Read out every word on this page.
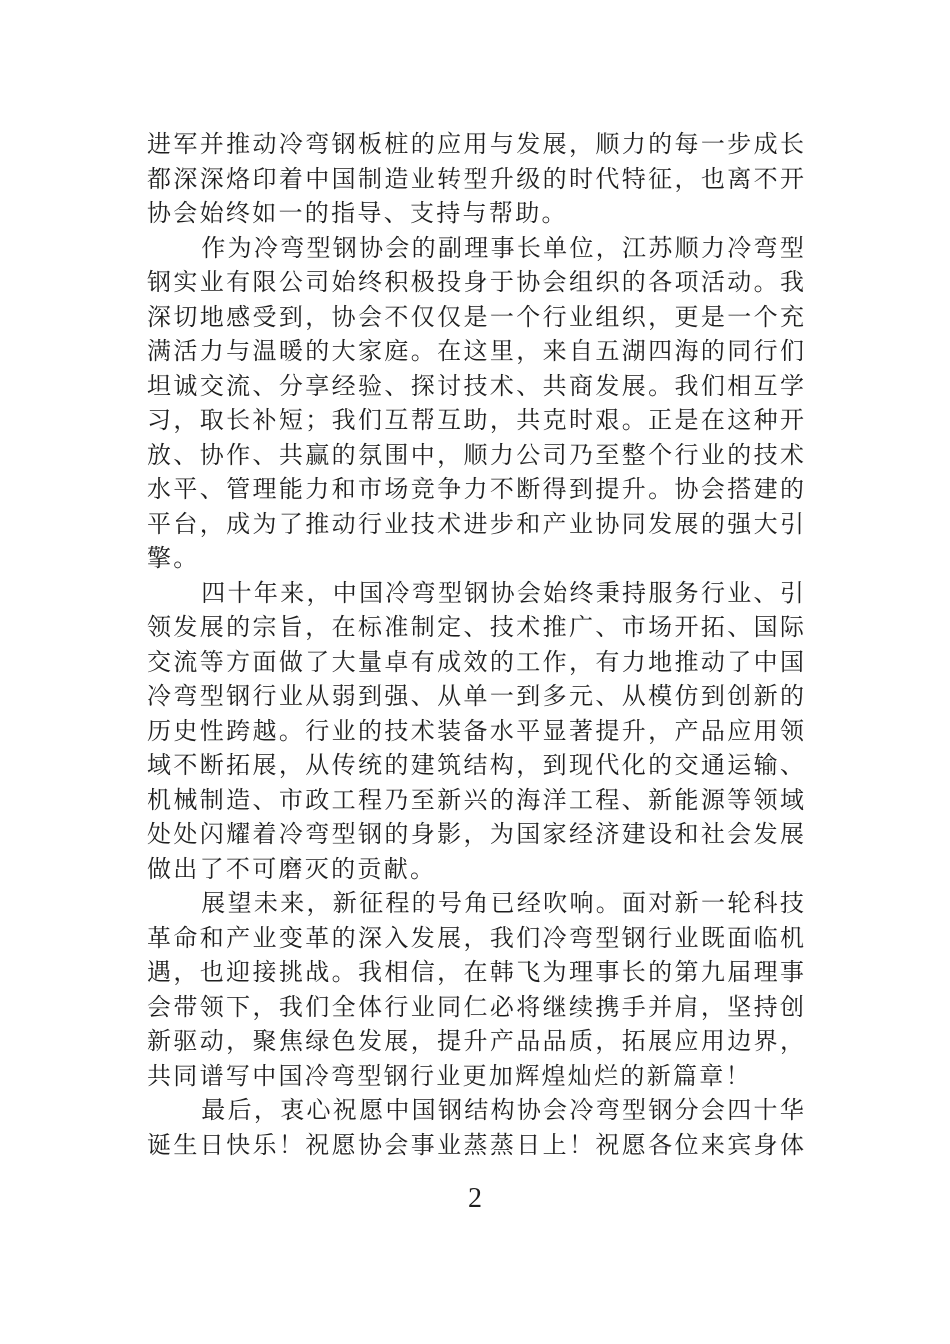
进 军 并 推 动 冷 弯 钢 板 桩 的 应 用 与 发 展 ， 顺 力 的 每 一 步 成 长
都 深 深 烙 印 着 中 国 制 造 业 转 型 升 级 的 时 代 特 征 ， 也 离 不 开
协会始终如一的指导、支持与帮助。
作 为 冷 弯 型 钢 协 会 的 副 理 事 长 单 位 ， 江 苏 顺 力 冷 弯 型
钢 实 业 有 限 公 司 始 终 积 极 投 身 于 协 会 组 织 的 各 项 活 动 。 我
深 切 地 感 受 到 ， 协 会 不 仅 仅 是 一 个 行 业 组 织 ， 更 是 一 个 充
满 活 力 与 温 暖 的 大 家 庭 。 在 这 里 ， 来 自 五 湖 四 海 的 同 行 们
坦 诚 交 流 、 分 享 经 验 、 探 讨 技 术 、 共 商 发 展 。 我 们 相 互 学
习 ， 取 长 补 短 ； 我 们 互 帮 互 助 ， 共 克 时 艰 。 正 是 在 这 种 开
放 、 协 作 、 共 赢 的 氛 围 中 ， 顺 力 公 司 乃 至 整 个 行 业 的 技 术
水 平 、 管 理 能 力 和 市 场 竞 争 力 不 断 得 到 提 升 。 协 会 搭 建 的
平 台 ， 成 为 了 推 动 行 业 技 术 进 步 和 产 业 协 同 发 展 的 强 大 引
擎。
四 十 年 来 ， 中 国 冷 弯 型 钢 协 会 始 终 秉 持 服 务 行 业 、 引
领 发 展 的 宗 旨 ， 在 标 准 制 定 、 技 术 推 广 、 市 场 开 拓 、 国 际
交 流 等 方 面 做 了 大 量 卓 有 成 效 的 工 作 ， 有 力 地 推 动 了 中 国
冷 弯 型 钢 行 业 从 弱 到 强 、 从 单 一 到 多 元 、 从 模 仿 到 创 新 的
历 史 性 跨 越 。 行 业 的 技 术 装 备 水 平 显 著 提 升 ， 产 品 应 用 领
域 不 断 拓 展 ， 从 传 统 的 建 筑 结 构 ， 到 现 代 化 的 交 通 运 输 、
机 械 制 造 、 市 政 工 程 乃 至 新 兴 的 海 洋 工 程 、 新 能 源 等 领 域
处 处 闪 耀 着 冷 弯 型 钢 的 身 影 ， 为 国 家 经 济 建 设 和 社 会 发 展
做出了不可磨灭的贡献。
展 望 未 来 ， 新 征 程 的 号 角 已 经 吹 响 。 面 对 新 一 轮 科 技
革 命 和 产 业 变 革 的 深 入 发 展 ， 我 们 冷 弯 型 钢 行 业 既 面 临 机
遇 ， 也 迎 接 挑 战 。 我 相 信 ， 在 韩 飞 为 理 事 长 的 第 九 届 理 事
会 带 领 下 ， 我 们 全 体 行 业 同 仁 必 将 继 续 携 手 并 肩 ， 坚 持 创
新 驱 动 ， 聚 焦 绿 色 发 展 ， 提 升 产 品 品 质 ， 拓 展 应 用 边 界 ，
共同谱写中国冷弯型钢行业更加辉煌灿烂的新篇章！
最 后 ， 衷 心 祝 愿 中 国 钢 结 构 协 会 冷 弯 型 钢 分 会 四 十 华
诞 生 日 快 乐 ！ 祝 愿 协 会 事 业 蒸 蒸 日 上 ！ 祝 愿 各 位 来 宾 身 体
2
